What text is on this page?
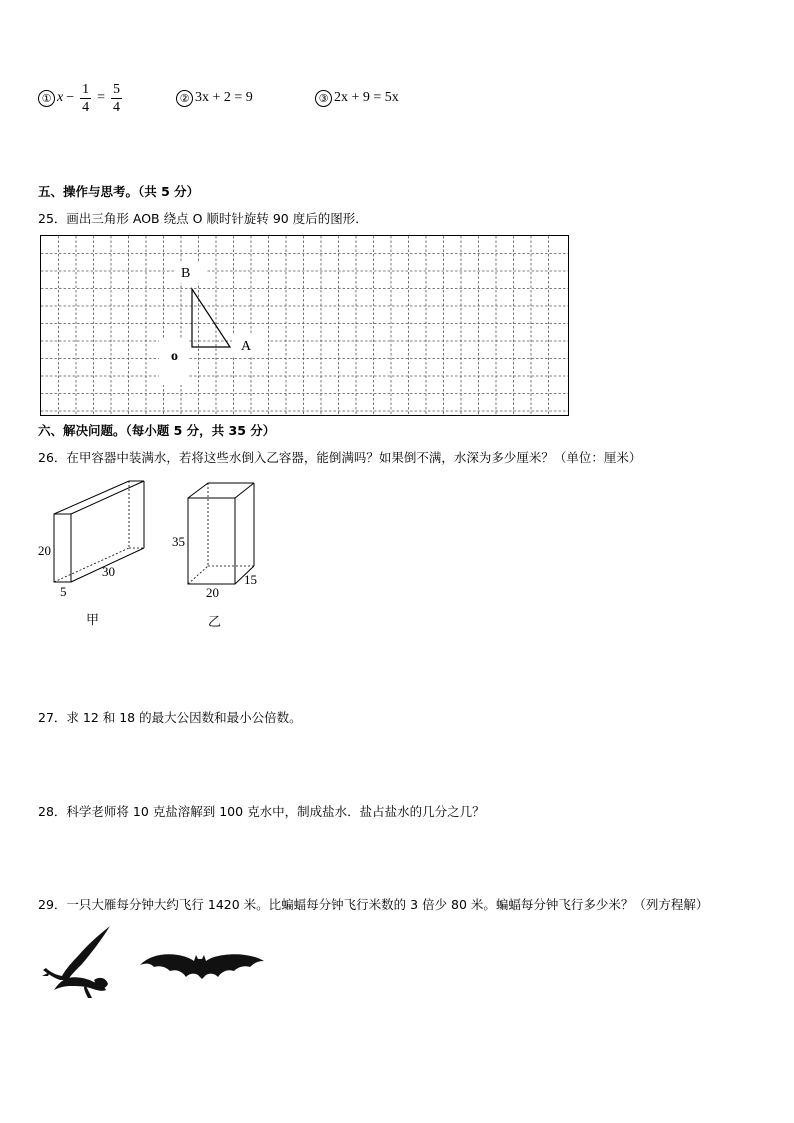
① $x - \frac{1}{4} = \frac{5}{4}$	② 3x + 2 = 9	③ 2x + 9 = 5x
五、操作与思考。（共 5 分）
25．画出三角形 AOB 绕点 O 顺时针旋转 90 度后的图形．
B
A
o
六、解决问题。（每小题 5 分，共 35 分）
26．在甲容器中装满水，若将这些水倒入乙容器，能倒满吗？如果倒不满，水深为多少厘米？（单位：厘米）
20
30
5
甲
35
15
20
乙
27．求 12 和 18 的最大公因数和最小公倍数。
28．科学老师将 10 克盐溶解到 100 克水中，制成盐水．盐占盐水的几分之几？
29．一只大雁每分钟大约飞行 1420 米。比蝙蝠每分钟飞行米数的 3 倍少 80 米。蝙蝠每分钟飞行多少米？（列方程解）
